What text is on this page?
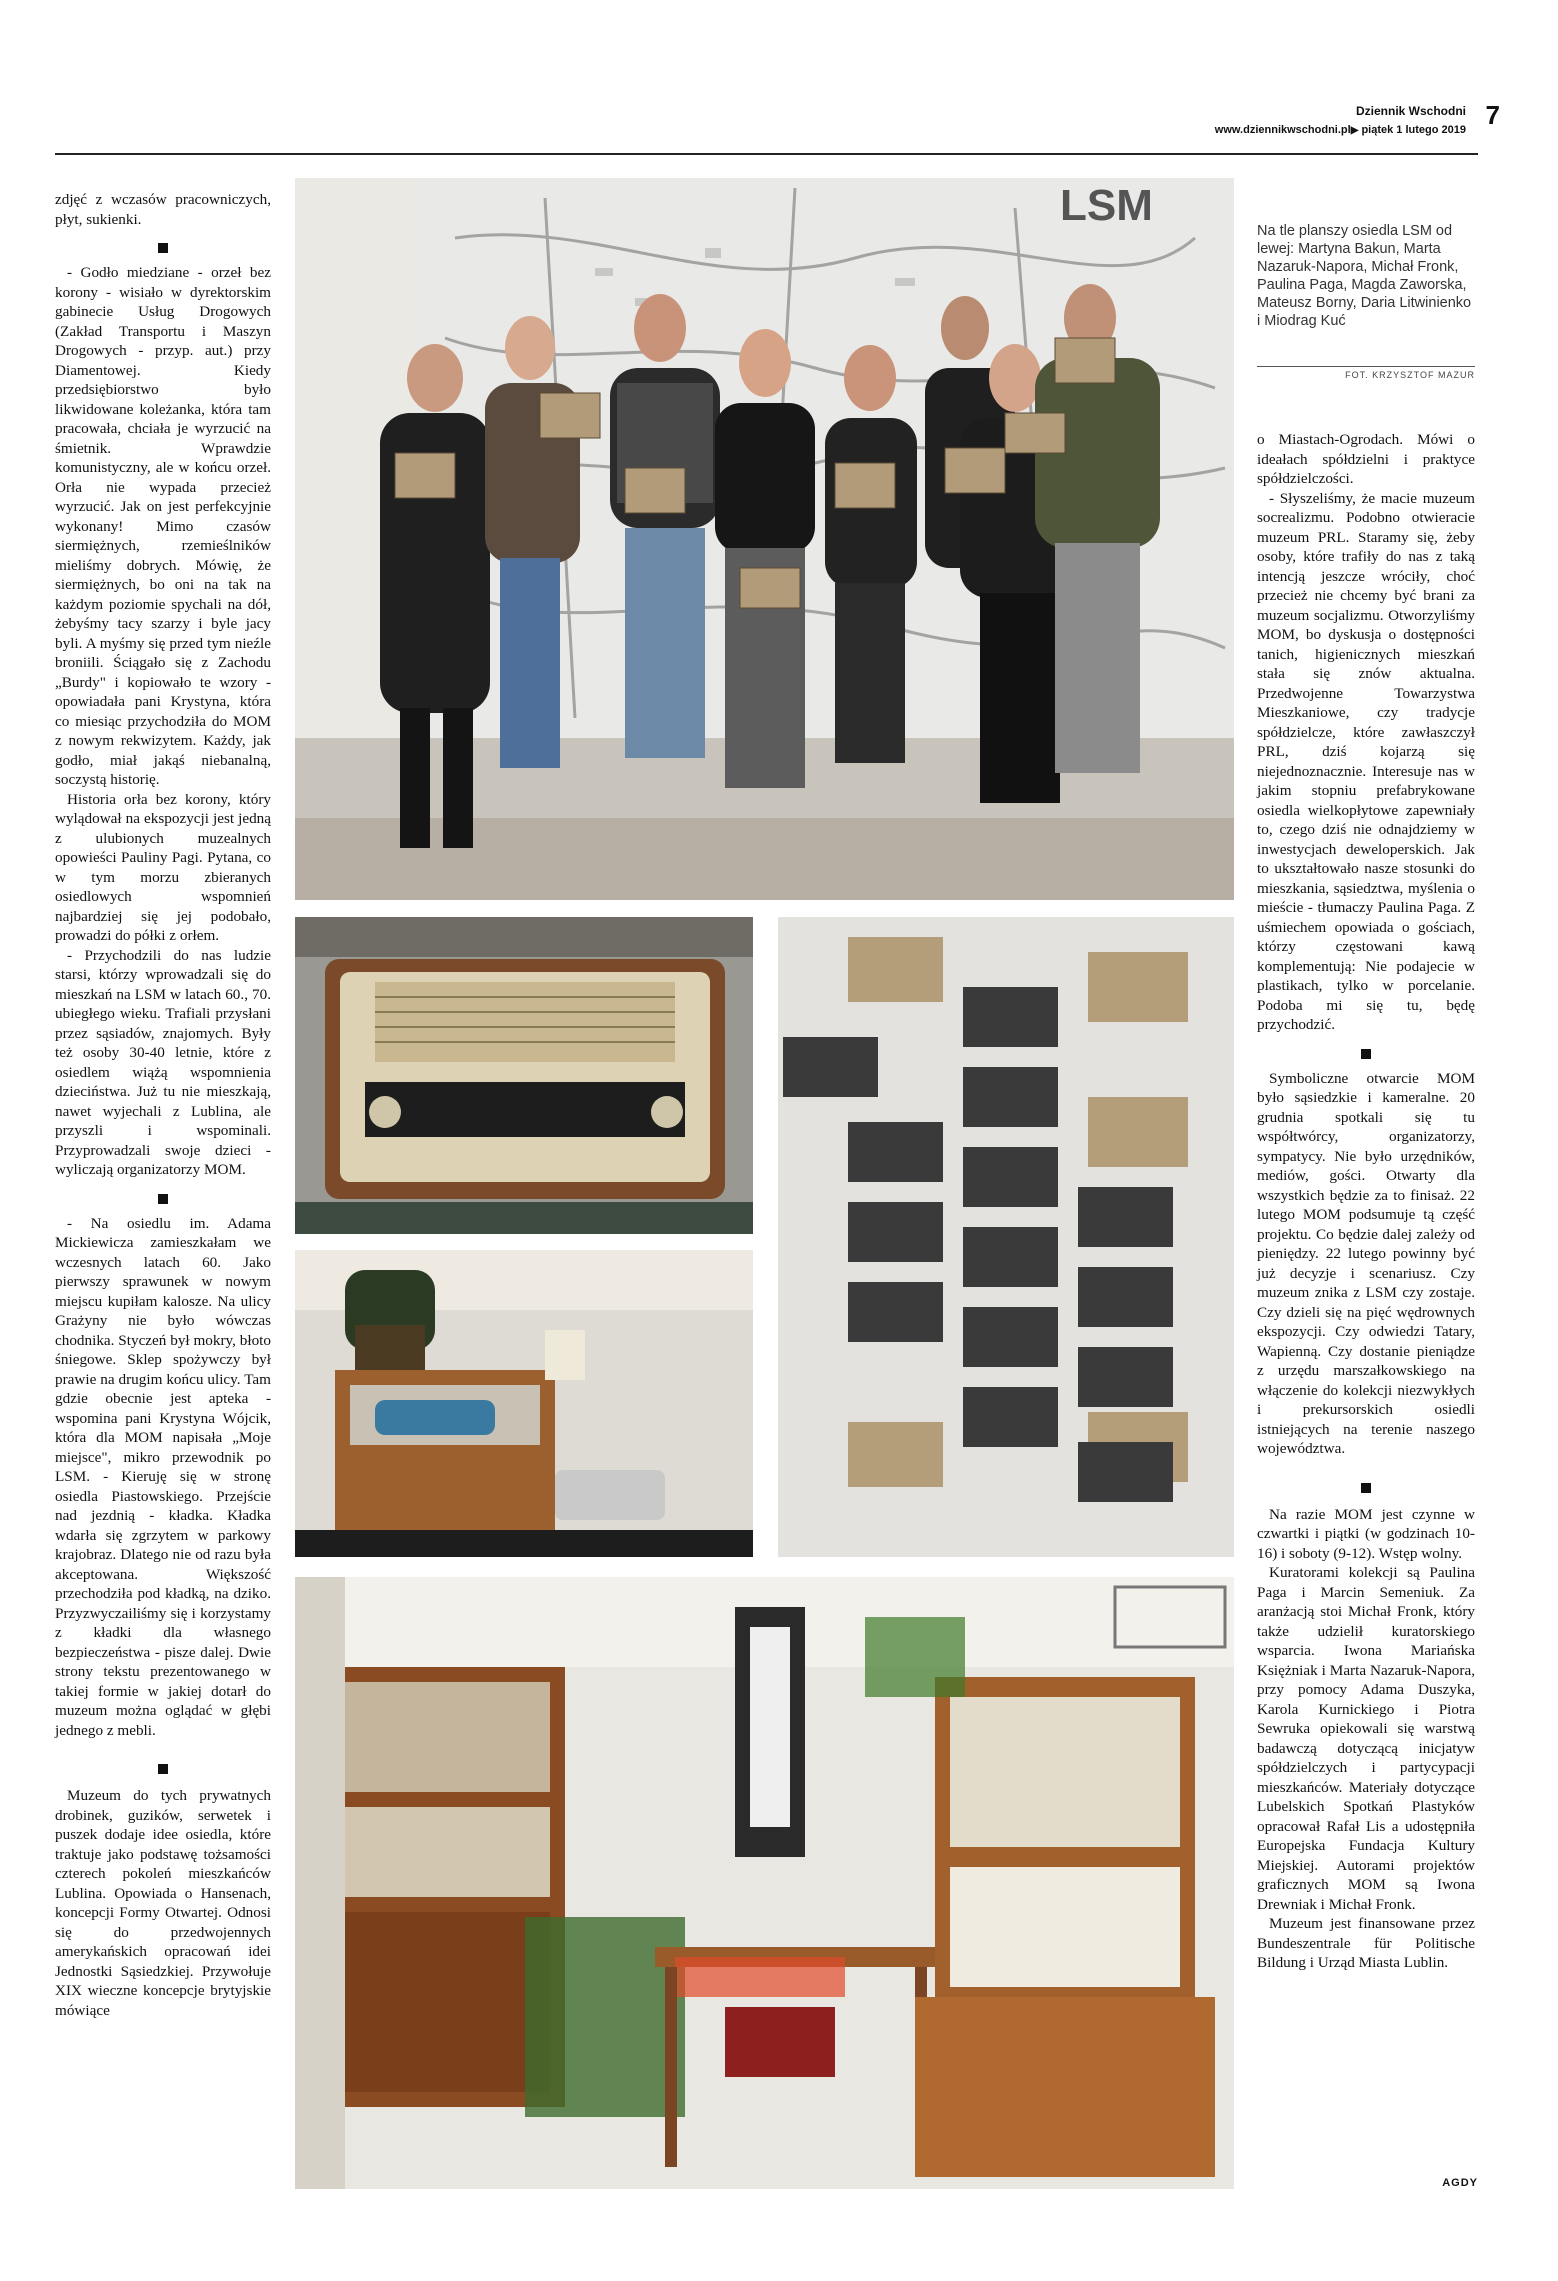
Dziennik Wschodni 7
www.dziennikwschodni.pl▶ piątek 1 lutego 2019

zdjęć z wczasów pracowniczych, płyt, sukienki.

- Godło miedziane - orzeł bez korony - wisiało w dyrektorskim gabinecie Usług Drogowych (Zakład Transportu i Maszyn Drogowych - przyp. aut.) przy Diamentowej. Kiedy przedsiębiorstwo było likwidowane koleżanka, która tam pracowała, chciała je wyrzucić na śmietnik. Wprawdzie komunistyczny, ale w końcu orzeł. Orła nie wypada przecież wyrzucić. Jak on jest perfekcyjnie wykonany! Mimo czasów siermiężnych, rzemieślników mieliśmy dobrych. Mówię, że siermiężnych, bo oni na tak na każdym poziomie spychali na dół, żebyśmy tacy szarzy i byle jacy byli. A myśmy się przed tym nieźle broniili. Ściągało się z Zachodu „Burdy" i kopiowało te wzory - opowiadała pani Krystyna, która co miesiąc przychodziła do MOM z nowym rekwizytem. Każdy, jak godło, miał jakąś niebanalną, soczystą historię.

Historia orła bez korony, który wylądował na ekspozycji jest jedną z ulubionych muzealnych opowieści Pauliny Pagi. Pytana, co w tym morzu zbieranych osiedlowych wspomnień najbardziej się jej podobało, prowadzi do półki z orłem.

- Przychodzili do nas ludzie starsi, którzy wprowadzali się do mieszkań na LSM w latach 60., 70. ubiegłego wieku. Trafiali przysłani przez sąsiadów, znajomych. Były też osoby 30-40 letnie, które z osiedlem wiążą wspomnienia dzieciństwa. Już tu nie mieszkają, nawet wyjechali z Lublina, ale przyszli i wspominali. Przyprowadzali swoje dzieci - wyliczają organizatorzy MOM.

- Na osiedlu im. Adama Mickiewicza zamieszkałam we wczesnych latach 60. Jako pierwszy sprawunek w nowym miejscu kupiłam kalosze. Na ulicy Grażyny nie było wówczas chodnika. Styczeń był mokry, błoto śniegowe. Sklep spożywczy był prawie na drugim końcu ulicy. Tam gdzie obecnie jest apteka - wspomina pani Krystyna Wójcik, która dla MOM napisała „Moje miejsce", mikro przewodnik po LSM. - Kieruję się w stronę osiedla Piastowskiego. Przejście nad jezdnią - kładka. Kładka wdarła się zgrzytem w parkowy krajobraz. Dlatego nie od razu była akceptowana. Większość przechodziła pod kładką, na dziko. Przyzwyczailiśmy się i korzystamy z kładki dla własnego bezpieczeństwa - pisze dalej. Dwie strony tekstu prezentowanego w takiej formie w jakiej dotarł do muzeum można oglądać w głębi jednego z mebli.

Muzeum do tych prywatnych drobinek, guzików, serwetek i puszek dodaje idee osiedla, które traktuje jako podstawę tożsamości czterech pokoleń mieszkańców Lublina. Opowiada o Hansenach, koncepcji Formy Otwartej. Odnosi się do przedwojennych amerykańskich opracowań idei Jednostki Sąsiedzkiej. Przywołuje XIX wieczne koncepcje brytyjskie mówiące

LSM
Na tle planszy osiedla LSM od lewej: Martyna Bakun, Marta Nazaruk-Napora, Michał Fronk, Paulina Paga, Magda Zaworska, Mateusz Borny, Daria Litwinienko i Miodrag Kuć
FOT. KRZYSZTOF MAZUR

o Miastach-Ogrodach. Mówi o ideałach spółdzielni i praktyce spółdzielczości.

- Słyszeliśmy, że macie muzeum socrealizmu. Podobno otwieracie muzeum PRL. Staramy się, żeby osoby, które trafiły do nas z taką intencją jeszcze wróciły, choć przecież nie chcemy być brani za muzeum socjalizmu. Otworzyliśmy MOM, bo dyskusja o dostępności tanich, higienicznych mieszkań stała się znów aktualna. Przedwojenne Towarzystwa Mieszkaniowe, czy tradycje spółdzielcze, które zawłaszczył PRL, dziś kojarzą się niejednoznacznie. Interesuje nas w jakim stopniu prefabrykowane osiedla wielkopłytowe zapewniały to, czego dziś nie odnajdziemy w inwestycjach deweloperskich. Jak to ukształtowało nasze stosunki do mieszkania, sąsiedztwa, myślenia o mieście - tłumaczy Paulina Paga. Z uśmiechem opowiada o gościach, którzy częstowani kawą komplementują: Nie podajecie w plastikach, tylko w porcelanie. Podoba mi się tu, będę przychodzić.

Symboliczne otwarcie MOM było sąsiedzkie i kameralne. 20 grudnia spotkali się tu współtwórcy, organizatorzy, sympatycy. Nie było urzędników, mediów, gości. Otwarty dla wszystkich będzie za to finisaż. 22 lutego MOM podsumuje tą część projektu. Co będzie dalej zależy od pieniędzy. 22 lutego powinny być już decyzje i scenariusz. Czy muzeum znika z LSM czy zostaje. Czy dzieli się na pięć wędrownych ekspozycji. Czy odwiedzi Tatary, Wapienną. Czy dostanie pieniądze z urzędu marszałkowskiego na włączenie do kolekcji niezwykłych i prekursorskich osiedli istniejących na terenie naszego województwa.

Na razie MOM jest czynne w czwartki i piątki (w godzinach 10-16) i soboty (9-12). Wstęp wolny.

Kuratorami kolekcji są Paulina Paga i Marcin Semeniuk. Za aranżacją stoi Michał Fronk, który także udzielił kuratorskiego wsparcia. Iwona Mariańska Księżniak i Marta Nazaruk-Napora, przy pomocy Adama Duszyka, Karola Kurnickiego i Piotra Sewruka opiekowali się warstwą badawczą dotyczącą inicjatyw spółdzielczych i partycypacji mieszkańców. Materiały dotyczące Lubelskich Spotkań Plastyków opracował Rafał Lis a udostępniła Europejska Fundacja Kultury Miejskiej. Autorami projektów graficznych MOM są Iwona Drewniak i Michał Fronk.

Muzeum jest finansowane przez Bundeszentrale für Politische Bildung i Urząd Miasta Lublin.

AGDY
